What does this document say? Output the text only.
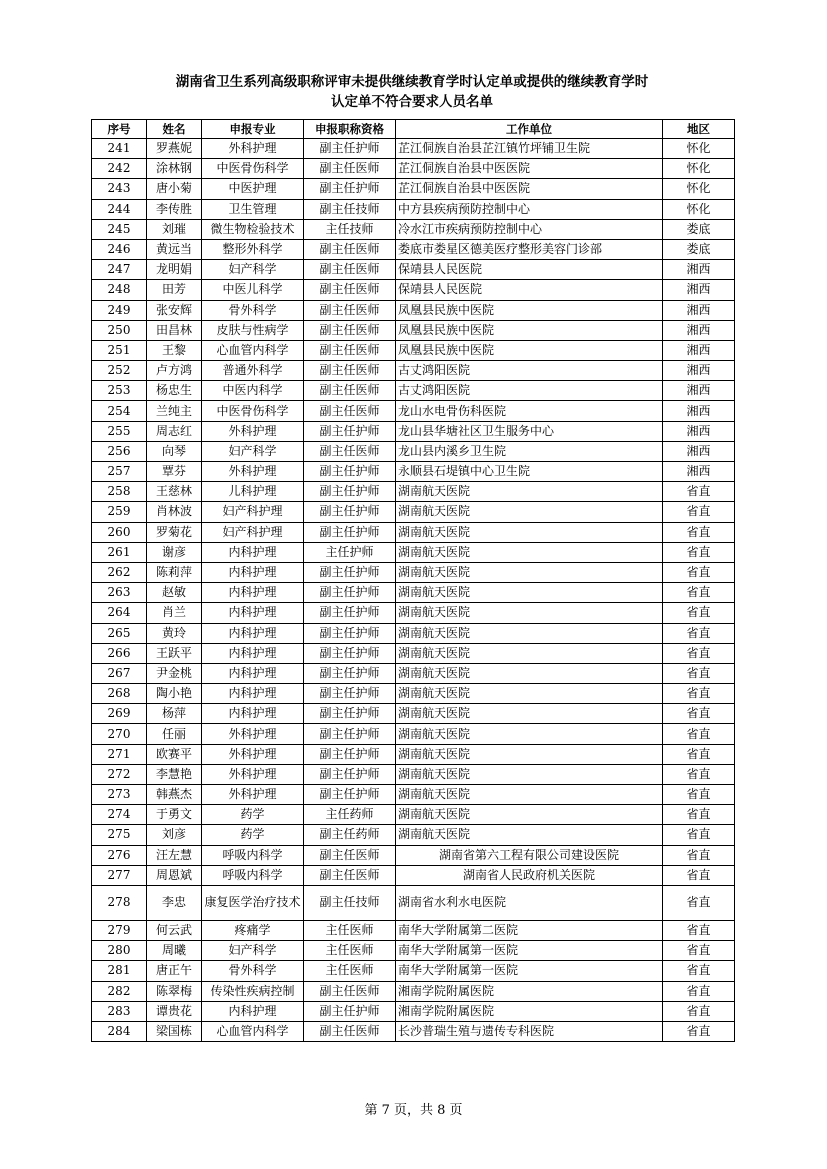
湖南省卫生系列高级职称评审未提供继续教育学时认定单或提供的继续教育学时
认定单不符合要求人员名单
序号	姓名	申报专业	申报职称资格	工作单位	地区
241	罗燕妮	外科护理	副主任护师	芷江侗族自治县芷江镇竹坪铺卫生院	怀化
242	涂林钢	中医骨伤科学	副主任医师	芷江侗族自治县中医医院	怀化
243	唐小菊	中医护理	副主任护师	芷江侗族自治县中医医院	怀化
244	李传胜	卫生管理	副主任技师	中方县疾病预防控制中心	怀化
245	刘璀	微生物检验技术	主任技师	冷水江市疾病预防控制中心	娄底
246	黄远当	整形外科学	副主任医师	娄底市娄星区德美医疗整形美容门诊部	娄底
247	龙明娟	妇产科学	副主任医师	保靖县人民医院	湘西
248	田芳	中医儿科学	副主任医师	保靖县人民医院	湘西
249	张安辉	骨外科学	副主任医师	凤凰县民族中医院	湘西
250	田昌林	皮肤与性病学	副主任医师	凤凰县民族中医院	湘西
251	王黎	心血管内科学	副主任医师	凤凰县民族中医院	湘西
252	卢方鸿	普通外科学	副主任医师	古丈鸿阳医院	湘西
253	杨忠生	中医内科学	副主任医师	古丈鸿阳医院	湘西
254	兰纯主	中医骨伤科学	副主任医师	龙山水电骨伤科医院	湘西
255	周志红	外科护理	副主任护师	龙山县华塘社区卫生服务中心	湘西
256	向琴	妇产科学	副主任医师	龙山县内溪乡卫生院	湘西
257	覃芬	外科护理	副主任护师	永顺县石堤镇中心卫生院	湘西
258	王慈林	儿科护理	副主任护师	湖南航天医院	省直
259	肖林波	妇产科护理	副主任护师	湖南航天医院	省直
260	罗菊花	妇产科护理	副主任护师	湖南航天医院	省直
261	谢彦	内科护理	主任护师	湖南航天医院	省直
262	陈莉萍	内科护理	副主任护师	湖南航天医院	省直
263	赵敏	内科护理	副主任护师	湖南航天医院	省直
264	肖兰	内科护理	副主任护师	湖南航天医院	省直
265	黄玲	内科护理	副主任护师	湖南航天医院	省直
266	王跃平	内科护理	副主任护师	湖南航天医院	省直
267	尹金桃	内科护理	副主任护师	湖南航天医院	省直
268	陶小艳	内科护理	副主任护师	湖南航天医院	省直
269	杨萍	内科护理	副主任护师	湖南航天医院	省直
270	任丽	外科护理	副主任护师	湖南航天医院	省直
271	欧赛平	外科护理	副主任护师	湖南航天医院	省直
272	李慧艳	外科护理	副主任护师	湖南航天医院	省直
273	韩燕杰	外科护理	副主任护师	湖南航天医院	省直
274	于勇文	药学	主任药师	湖南航天医院	省直
275	刘彦	药学	副主任药师	湖南航天医院	省直
276	汪左慧	呼吸内科学	副主任医师	湖南省第六工程有限公司建设医院	省直
277	周恩斌	呼吸内科学	副主任医师	湖南省人民政府机关医院	省直
278	李忠	康复医学治疗技术	副主任技师	湖南省水利水电医院	省直
279	何云武	疼痛学	主任医师	南华大学附属第二医院	省直
280	周曦	妇产科学	主任医师	南华大学附属第一医院	省直
281	唐正午	骨外科学	主任医师	南华大学附属第一医院	省直
282	陈翠梅	传染性疾病控制	副主任医师	湘南学院附属医院	省直
283	谭贵花	内科护理	副主任护师	湘南学院附属医院	省直
284	梁国栋	心血管内科学	副主任医师	长沙普瑞生殖与遗传专科医院	省直
第 7 页，共 8 页
